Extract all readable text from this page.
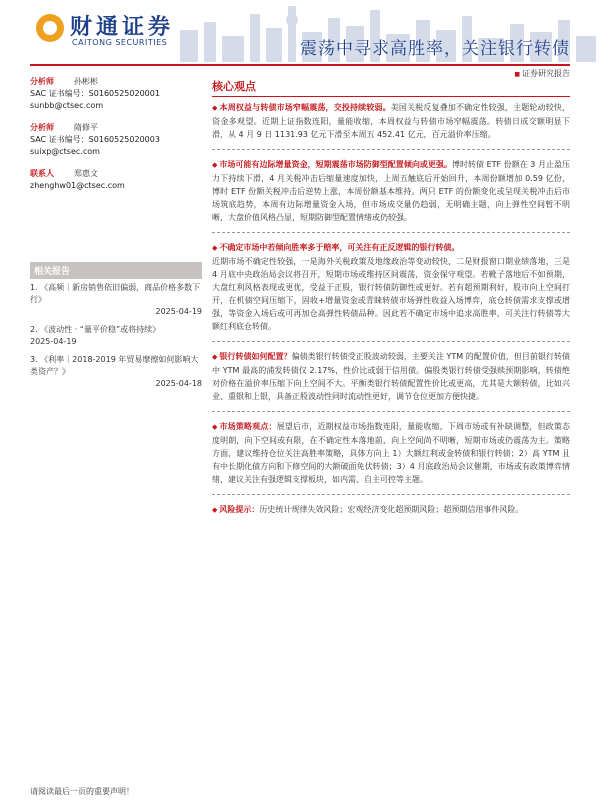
财通证券
CAITONG SECURITIES	震荡中寻求高胜率，关注银行转债
■ 证券研究报告
分析师	孙彬彬
SAC 证书编号：S0160525020001
sunbb@ctsec.com
分析师	隋修平
SAC 证书编号：S0160525020003
suixp@ctsec.com
联系人	郑惠文
zhenghw01@ctsec.com
相关报告
1. 《高频｜新房销售依旧偏弱，商品价格多数下行》
2025-04-19
2. 《波动性 · “量平价稳”或将持续》
2025-04-19
3. 《利率｜2018-2019 年贸易摩擦如何影响大类资产？》
2025-04-18
核心观点
◆ 本周权益与转债市场窄幅震荡，交投持续较弱。美国关税反复叠加不确定性较强，主题轮动较快，资金多观望。近期上证指数连阳，量能收缩，本周权益与转债市场窄幅震荡。转债日成交额明显下滑，从 4 月 9 日 1131.93 亿元下滑至本周五 452.41 亿元，百元溢价率压缩。
◆ 市场可能有边际增量资金，短期震荡市场防御型配置倾向或更强。博时转债 ETF 份额在 3 月止盈压力下持续下滑，4 月关税冲击后缩量速度加快，上周五触底后开始回升，本周份额增加 0.59 亿份，博时 ETF 份额关税冲击后逆势上涨，本周份额基本维持。两只 ETF 的份额变化或呈现关税冲击后市场筑底趋势，本周有边际增量资金入场，但市场成交量仍趋弱，无明确主题，向上弹性空间暂不明晰，大盘价值风格凸显，短期防御型配置情绪或仍较强。
◆ 不确定市场中若倾向胜率多于赔率，可关注有正反逻辑的银行转债。
近期市场不确定性较强，一是海外关税政策及地缘政治等变动较快，二是财报窗口期业绩落地，三是 4 月底中央政治局会议将召开，短期市场或维持区间震荡，资金保守观望。若靴子落地后不如预期，大盘红利风格表现或更优，受益于正股，银行转债防御性或更好。若有超预期利好，股市向上空间打开，在机债空间压缩下，固收+增量资金或青睐转债市场弹性收益入场博弈，底仓转债需求支撑或增强，等资金入场后或可再加仓高弹性转债品种。因此若不确定市场中追求高胜率，可关注行转债等大额红利底仓转债。
◆ 银行转债如何配置？偏债类银行转债受正股波动较弱，主要关注 YTM 的配置价值，但目前银行转债中 YTM 最高的浦发转债仅 2.17%，性价比或弱于信用债。偏股类银行转债受强赎预期影响，转债绝对价格在溢价率压缩下向上空间不大。平衡类银行转债配置性价比或更高，尤其是大额转债，比如兴业、重银和上银，具备正股波动性同时流动性更好，调节仓位更加方便快捷。
◆ 市场策略观点：展望后市，近期权益市场指数连阳，量能收缩，下周市场或有补缺调整，但政策态度明朗，向下空间或有限，在不确定性本落地前，向上空间尚不明晰，短期市场或仍震荡为主。策略方面，建议维持仓位关注高胜率策略，具体方向上 1）大额红利或金转债和银行转债；2）高 YTM 且有中长期化债方向和下修空间的大额破面免伏转债；3）4 月底政治局会议催期，市场或有政策博弈情绪，建议关注有强逻辑支撑板块，如内需、自主可控等主题。
◆ 风险提示：历史统计规律失效风险；宏观经济变化超预期风险；超预期信用事件风险。
请阅读最后一页的重要声明！
